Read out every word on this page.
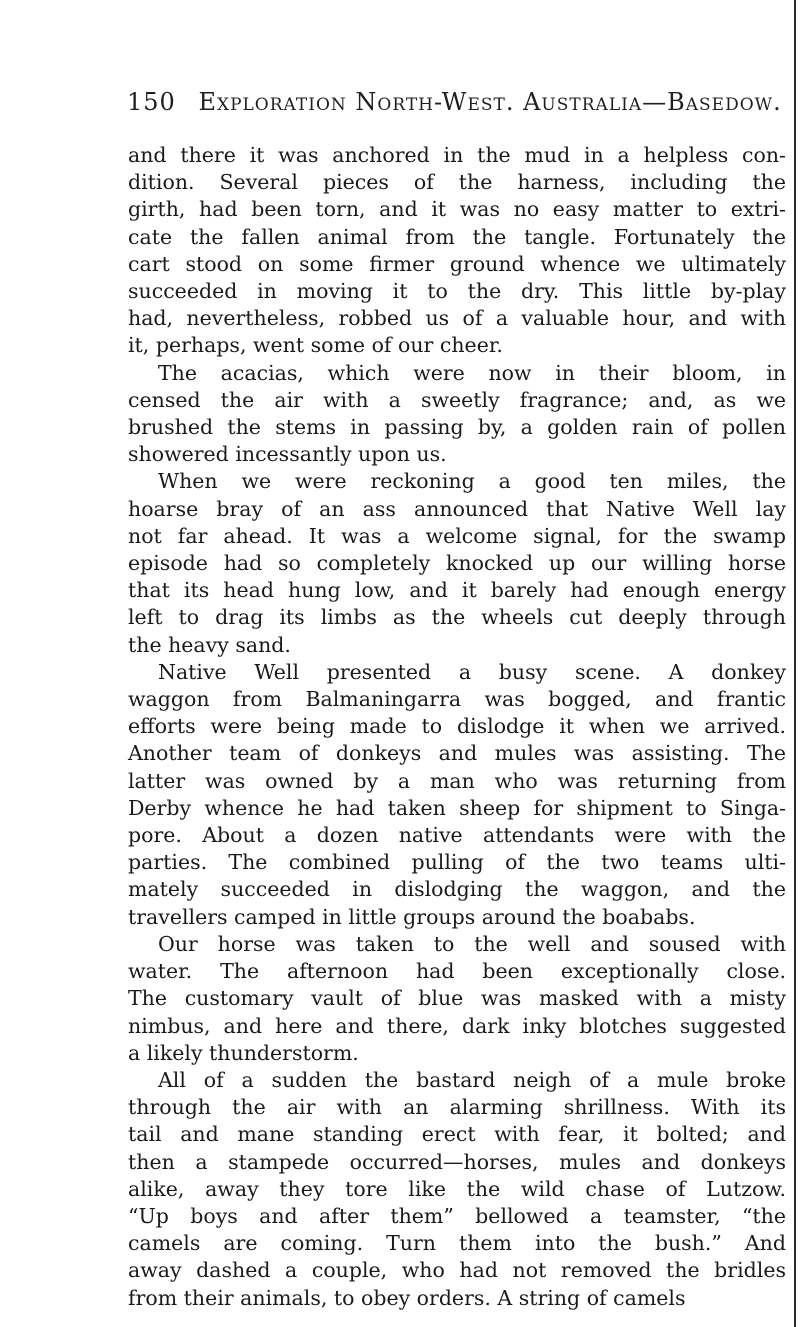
150 Exploration North-West. Australia—Basedow.

and there it was anchored in the mud in a helpless con-
dition. Several pieces of the harness, including the
girth, had been torn, and it was no easy matter to extri-
cate the fallen animal from the tangle. Fortunately the
cart stood on some firmer ground whence we ultimately
succeeded in moving it to the dry. This little by-play
had, nevertheless, robbed us of a valuable hour, and with
it, perhaps, went some of our cheer.

The acacias, which were now in their bloom, in
censed the air with a sweetly fragrance; and, as we
brushed the stems in passing by, a golden rain of pollen
showered incessantly upon us.

When we were reckoning a good ten miles, the
hoarse bray of an ass announced that Native Well lay
not far ahead. It was a welcome signal, for the swamp
episode had so completely knocked up our willing horse
that its head hung low, and it barely had enough energy
left to drag its limbs as the wheels cut deeply through
the heavy sand.

Native Well presented a busy scene. A donkey
waggon from Balmaningarra was bogged, and frantic
efforts were being made to dislodge it when we arrived.
Another team of donkeys and mules was assisting. The
latter was owned by a man who was returning from
Derby whence he had taken sheep for shipment to Singa-
pore. About a dozen native attendants were with the
parties. The combined pulling of the two teams ulti-
mately succeeded in dislodging the waggon, and the
travellers camped in little groups around the boababs.

Our horse was taken to the well and soused with
water. The afternoon had been exceptionally close.
The customary vault of blue was masked with a misty
nimbus, and here and there, dark inky blotches suggested
a likely thunderstorm.

All of a sudden the bastard neigh of a mule broke
through the air with an alarming shrillness. With its
tail and mane standing erect with fear, it bolted; and
then a stampede occurred—horses, mules and donkeys
alike, away they tore like the wild chase of Lutzow.
“Up boys and after them” bellowed a teamster, “the
camels are coming. Turn them into the bush.” And
away dashed a couple, who had not removed the bridles
from their animals, to obey orders. A string of camels
